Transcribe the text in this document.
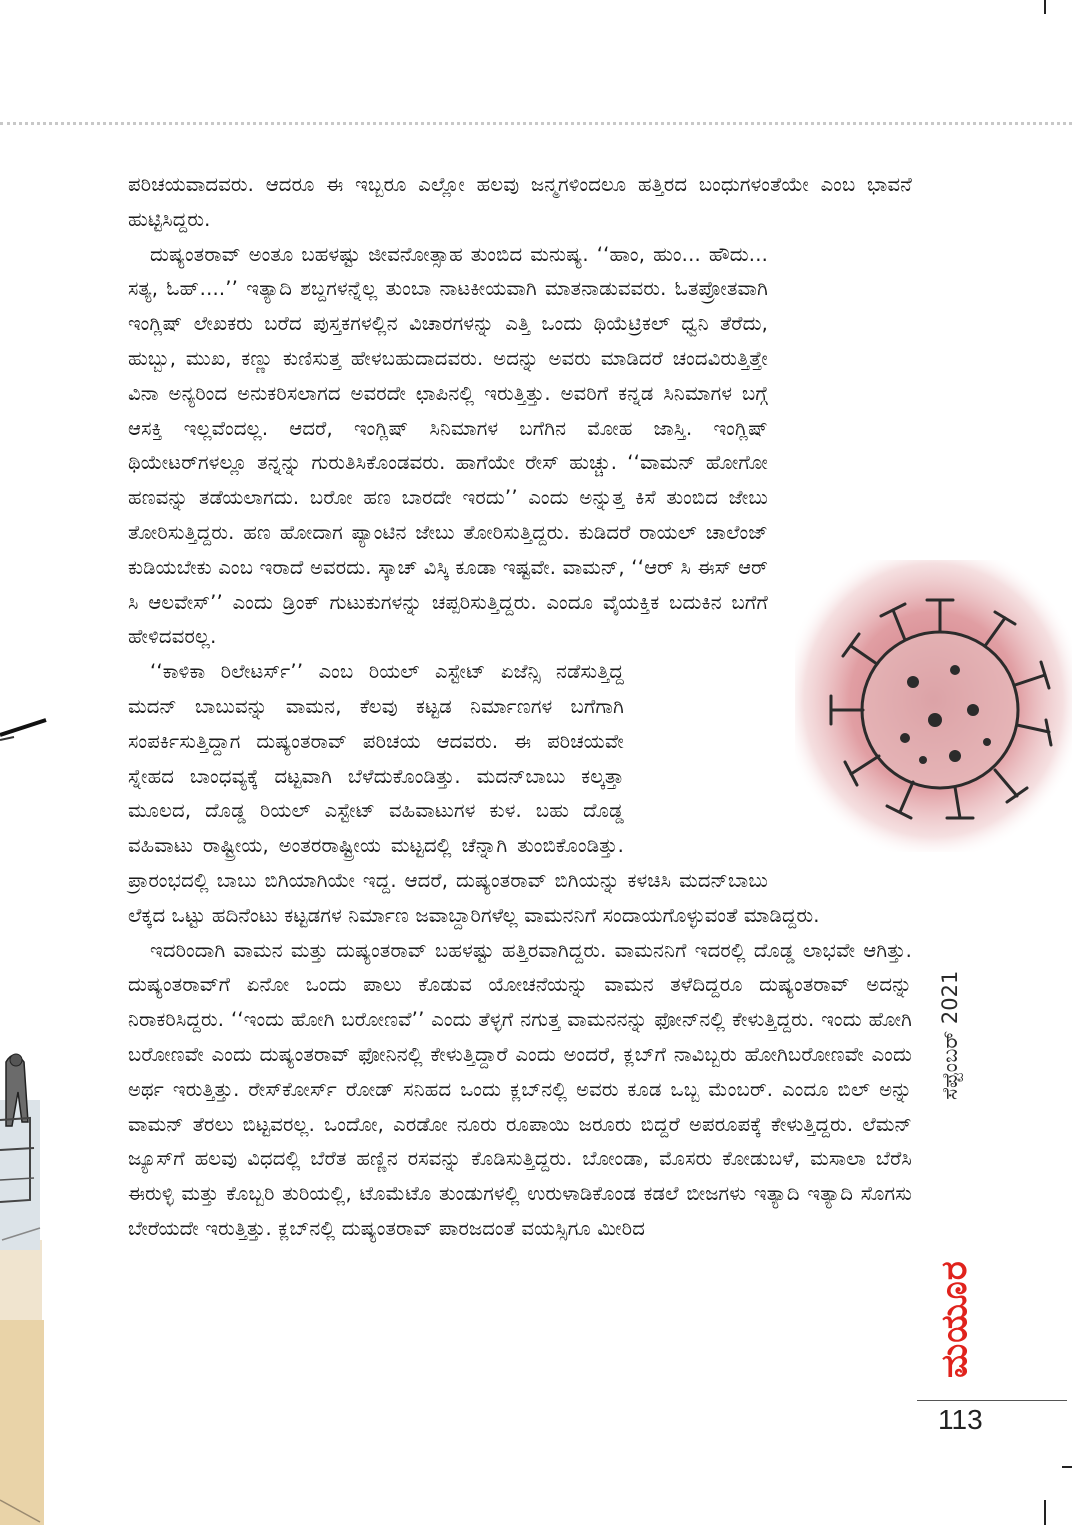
ಪರಿಚಯವಾದವರು. ಆದರೂ ಈ ಇಬ್ಬರೂ ಎಲ್ಲೋ ಹಲವು ಜನ್ಮಗಳಿಂದಲೂ ಹತ್ತಿರದ ಬಂಧುಗಳಂತೆಯೇ ಎಂಬ ಭಾವನೆ ಹುಟ್ಟಿಸಿದ್ದರು.

ದುಷ್ಯಂತರಾವ್ ಅಂತೂ ಬಹಳಷ್ಟು ಜೀವನೋತ್ಸಾಹ ತುಂಬಿದ ಮನುಷ್ಯ. ‘‘ಹಾಂ, ಹುಂ... ಹೌದು... ಸತ್ಯ, ಓಹ್....’’ ಇತ್ಯಾದಿ ಶಬ್ದಗಳನ್ನೆಲ್ಲ ತುಂಬಾ ನಾಟಕೀಯವಾಗಿ ಮಾತನಾಡುವವರು. ಓತಪ್ರೋತವಾಗಿ ಇಂಗ್ಲಿಷ್ ಲೇಖಕರು ಬರೆದ ಪುಸ್ತಕಗಳಲ್ಲಿನ ವಿಚಾರಗಳನ್ನು ಎತ್ತಿ ಒಂದು ಥಿಯೆಟ್ರಿಕಲ್ ಧ್ವನಿ ತೆರೆದು, ಹುಬ್ಬು, ಮುಖ, ಕಣ್ಣು ಕುಣಿಸುತ್ತ ಹೇಳಬಹುದಾದವರು. ಅದನ್ನು ಅವರು ಮಾಡಿದರೆ ಚಂದವಿರುತ್ತಿತ್ತೇ ವಿನಾ ಅನ್ಯರಿಂದ ಅನುಕರಿಸಲಾಗದ ಅವರದೇ ಛಾಪಿನಲ್ಲಿ ಇರುತ್ತಿತ್ತು. ಅವರಿಗೆ ಕನ್ನಡ ಸಿನಿಮಾಗಳ ಬಗ್ಗೆ ಆಸಕ್ತಿ ಇಲ್ಲವೆಂದಲ್ಲ. ಆದರೆ, ಇಂಗ್ಲಿಷ್ ಸಿನಿಮಾಗಳ ಬಗೆಗಿನ ಮೋಹ ಜಾಸ್ತಿ. ಇಂಗ್ಲಿಷ್ ಥಿಯೇಟರ್‌ಗಳಲ್ಲೂ ತನ್ನನ್ನು ಗುರುತಿಸಿಕೊಂಡವರು. ಹಾಗೆಯೇ ರೇಸ್ ಹುಚ್ಚು. ‘‘ವಾಮನ್ ಹೋಗೋ ಹಣವನ್ನು ತಡೆಯಲಾಗದು. ಬರೋ ಹಣ ಬಾರದೇ ಇರದು’’ ಎಂದು ಅನ್ನುತ್ತ ಕಿಸೆ ತುಂಬಿದ ಜೇಬು ತೋರಿಸುತ್ತಿದ್ದರು. ಹಣ ಹೋದಾಗ ಪ್ಯಾಂಟಿನ ಜೇಬು ತೋರಿಸುತ್ತಿದ್ದರು. ಕುಡಿದರೆ ರಾಯಲ್ ಚಾಲೆಂಜ್ ಕುಡಿಯಬೇಕು ಎಂಬ ಇರಾದೆ ಅವರದು. ಸ್ಕಾಚ್ ವಿಸ್ಕಿ ಕೂಡಾ ಇಷ್ಟವೇ. ವಾಮನ್, ‘‘ಆರ್ ಸಿ ಈಸ್ ಆರ್ ಸಿ ಆಲವೇಸ್’’ ಎಂದು ಡ್ರಿಂಕ್ ಗುಟುಕುಗಳನ್ನು ಚಪ್ಪರಿಸುತ್ತಿದ್ದರು. ಎಂದೂ ವೈಯಕ್ತಿಕ ಬದುಕಿನ ಬಗೆಗೆ ಹೇಳಿದವರಲ್ಲ.

‘‘ಕಾಳಿಕಾ ರಿಲೇಟರ್ಸ್’’ ಎಂಬ ರಿಯಲ್ ಎಸ್ಟೇಟ್ ಏಜೆನ್ಸಿ ನಡೆಸುತ್ತಿದ್ದ ಮದನ್ ಬಾಬುವನ್ನು ವಾಮನ, ಕೆಲವು ಕಟ್ಟಡ ನಿರ್ಮಾಣಗಳ ಬಗೆಗಾಗಿ ಸಂಪರ್ಕಿಸುತ್ತಿದ್ದಾಗ ದುಷ್ಯಂತರಾವ್ ಪರಿಚಯ ಆದವರು. ಈ ಪರಿಚಯವೇ ಸ್ನೇಹದ ಬಾಂಧವ್ಯಕ್ಕೆ ದಟ್ಟವಾಗಿ ಬೆಳೆದುಕೊಂಡಿತ್ತು. ಮದನ್‌ಬಾಬು ಕಲ್ಕತ್ತಾ ಮೂಲದ, ದೊಡ್ಡ ರಿಯಲ್ ಎಸ್ಟೇಟ್ ವಹಿವಾಟುಗಳ ಕುಳ. ಬಹು ದೊಡ್ಡ ವಹಿವಾಟು ರಾಷ್ಟ್ರೀಯ, ಅಂತರರಾಷ್ಟ್ರೀಯ ಮಟ್ಟದಲ್ಲಿ ಚೆನ್ನಾಗಿ ತುಂಬಿಕೊಂಡಿತ್ತು. ಪ್ರಾರಂಭದಲ್ಲಿ ಬಾಬು ಬಿಗಿಯಾಗಿಯೇ ಇದ್ದ. ಆದರೆ, ದುಷ್ಯಂತರಾವ್ ಬಿಗಿಯನ್ನು ಕಳಚಿಸಿ ಮದನ್‌ಬಾಬು ಲೆಕ್ಕದ ಒಟ್ಟು ಹದಿನೆಂಟು ಕಟ್ಟಡಗಳ ನಿರ್ಮಾಣ ಜವಾಬ್ದಾರಿಗಳೆಲ್ಲ ವಾಮನನಿಗೆ ಸಂದಾಯಗೊಳ್ಳುವಂತೆ ಮಾಡಿದ್ದರು.

ಇದರಿಂದಾಗಿ ವಾಮನ ಮತ್ತು ದುಷ್ಯಂತರಾವ್ ಬಹಳಷ್ಟು ಹತ್ತಿರವಾಗಿದ್ದರು. ವಾಮನನಿಗೆ ಇದರಲ್ಲಿ ದೊಡ್ಡ ಲಾಭವೇ ಆಗಿತ್ತು. ದುಷ್ಯಂತರಾವ್‌ಗೆ ಏನೋ ಒಂದು ಪಾಲು ಕೊಡುವ ಯೋಚನೆಯನ್ನು ವಾಮನ ತಳೆದಿದ್ದರೂ ದುಷ್ಯಂತರಾವ್ ಅದನ್ನು ನಿರಾಕರಿಸಿದ್ದರು. ‘‘ಇಂದು ಹೋಗಿ ಬರೋಣವೆ’’ ಎಂದು ತೆಳ್ಳಗೆ ನಗುತ್ತ ವಾಮನನನ್ನು ಫೋನ್‌ನಲ್ಲಿ ಕೇಳುತ್ತಿದ್ದರು. ಇಂದು ಹೋಗಿ ಬರೋಣವೇ ಎಂದು ದುಷ್ಯಂತರಾವ್ ಫೋನಿನಲ್ಲಿ ಕೇಳುತ್ತಿದ್ದಾರೆ ಎಂದು ಅಂದರೆ, ಕ್ಲಬ್‌ಗೆ ನಾವಿಬ್ಬರು ಹೋಗಿಬರೋಣವೇ ಎಂದು ಅರ್ಥ ಇರುತ್ತಿತ್ತು. ರೇಸ್‌ಕೋರ್ಸ್ ರೋಡ್ ಸನಿಹದ ಒಂದು ಕ್ಲಬ್‌ನಲ್ಲಿ ಅವರು ಕೂಡ ಒಬ್ಬ ಮೆಂಬರ್. ಎಂದೂ ಬಿಲ್ ಅನ್ನು ವಾಮನ್ ತೆರಲು ಬಿಟ್ಟವರಲ್ಲ. ಒಂದೋ, ಎರಡೋ ನೂರು ರೂಪಾಯಿ ಜರೂರು ಬಿದ್ದರೆ ಅಪರೂಪಕ್ಕೆ ಕೇಳುತ್ತಿದ್ದರು. ಲೆಮನ್ ಜ್ಯೂಸ್‌ಗೆ ಹಲವು ವಿಧದಲ್ಲಿ ಬೆರೆತ ಹಣ್ಣಿನ ರಸವನ್ನು ಕೊಡಿಸುತ್ತಿದ್ದರು. ಬೋಂಡಾ, ಮೊಸರು ಕೋಡುಬಳೆ, ಮಸಾಲಾ ಬೆರೆಸಿ ಈರುಳ್ಳಿ ಮತ್ತು ಕೊಬ್ಬರಿ ತುರಿಯಲ್ಲಿ, ಟೊಮೆಟೊ ತುಂಡುಗಳಲ್ಲಿ ಉರುಳಾಡಿಕೊಂಡ ಕಡಲೆ ಬೀಜಗಳು ಇತ್ಯಾದಿ ಇತ್ಯಾದಿ ಸೊಗಸು ಬೇರೆಯದೇ ಇರುತ್ತಿತ್ತು. ಕ್ಲಬ್‌ನಲ್ಲಿ ದುಷ್ಯಂತರಾವ್ ಪಾರಜದಂತೆ ವಯಸ್ಸಿಗೂ ಮೀರಿದ

ಸೆಪ್ಟೆಂಬರ್ 2021
ಮಯೂರ
113
